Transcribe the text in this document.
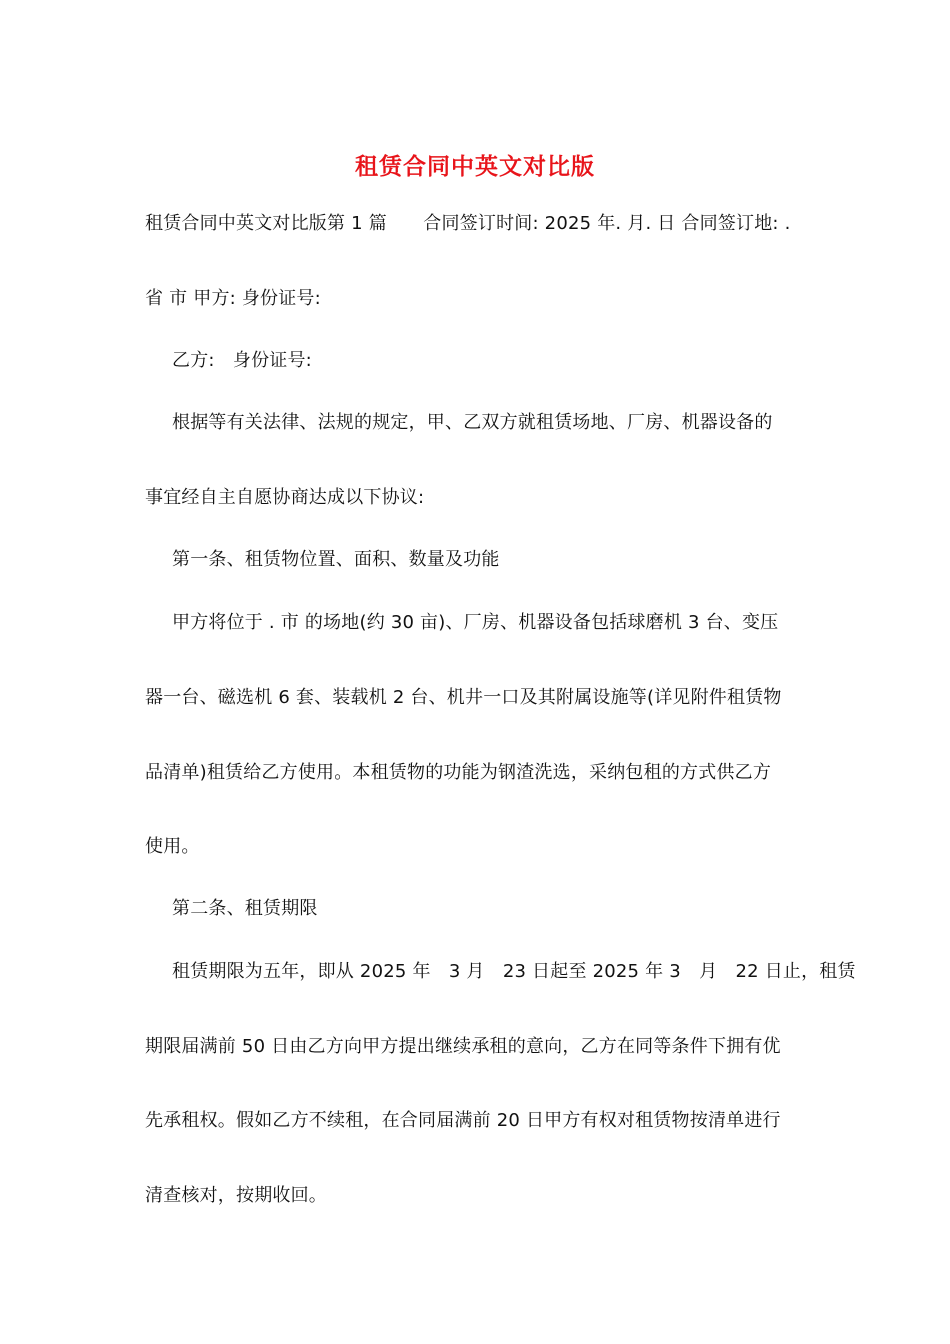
租赁合同中英文对比版
租赁合同中英文对比版第 1 篇　　合同签订时间: 2025 年. 月. 日 合同签订地: .
省 市 甲方: 身份证号:
乙方:　身份证号:
根据等有关法律、法规的规定，甲、乙双方就租赁场地、厂房、机器设备的
事宜经自主自愿协商达成以下协议:
第一条、租赁物位置、面积、数量及功能
甲方将位于 . 市 的场地(约 30 亩)、厂房、机器设备包括球磨机 3 台、变压
器一台、磁选机 6 套、装载机 2 台、机井一口及其附属设施等(详见附件租赁物
品清单)租赁给乙方使用。本租赁物的功能为钢渣洗选，采纳包租的方式供乙方
使用。
第二条、租赁期限
租赁期限为五年，即从 2025 年　3 月　23 日起至 2025 年 3　月　22 日止，租赁
期限届满前 50 日由乙方向甲方提出继续承租的意向，乙方在同等条件下拥有优
先承租权。假如乙方不续租，在合同届满前 20 日甲方有权对租赁物按清单进行
清查核对，按期收回。
